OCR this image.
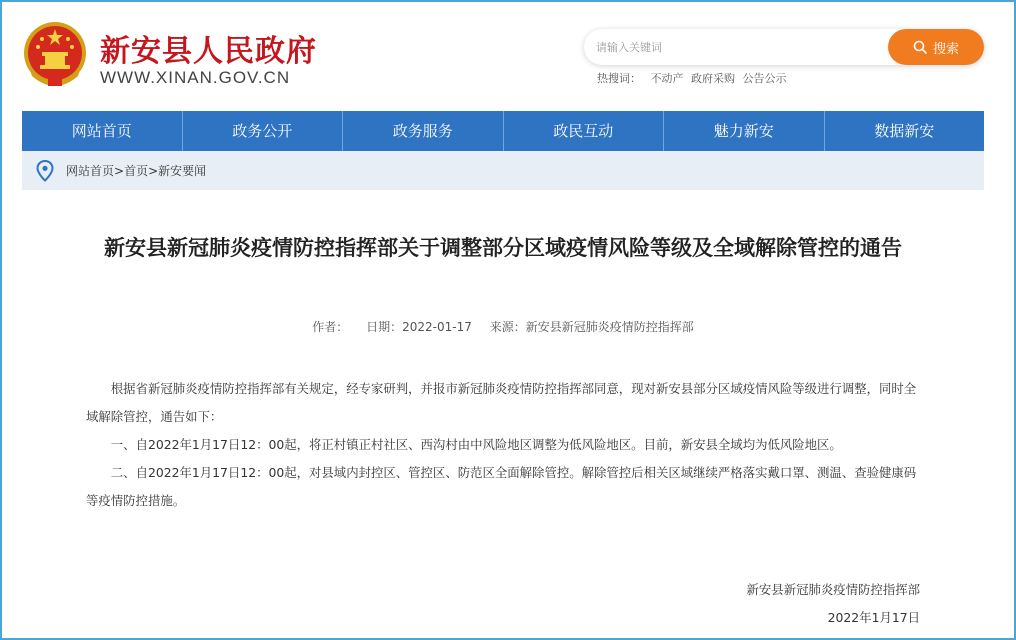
新安县人民政府
WWW.XINAN.GOV.CN
请输入关键词
搜索
热搜词： 不动产 政府采购 公告公示
网站首页	政务公开	政务服务	政民互动	魅力新安	数据新安
网站首页>首页>新安要闻
新安县新冠肺炎疫情防控指挥部关于调整部分区域疫情风险等级及全域解除管控的通告
作者： 日期：2022-01-17 来源：新安县新冠肺炎疫情防控指挥部

根据省新冠肺炎疫情防控指挥部有关规定，经专家研判，并报市新冠肺炎疫情防控指挥部同意，现对新安县部分区域疫情风险等级进行调整，同时全域解除管控，通告如下：

一、自2022年1月17日12：00起，将正村镇正村社区、西沟村由中风险地区调整为低风险地区。目前，新安县全域均为低风险地区。

二、自2022年1月17日12：00起，对县域内封控区、管控区、防范区全面解除管控。解除管控后相关区域继续严格落实戴口罩、测温、查验健康码等疫情防控措施。

新安县新冠肺炎疫情防控指挥部
2022年1月17日
